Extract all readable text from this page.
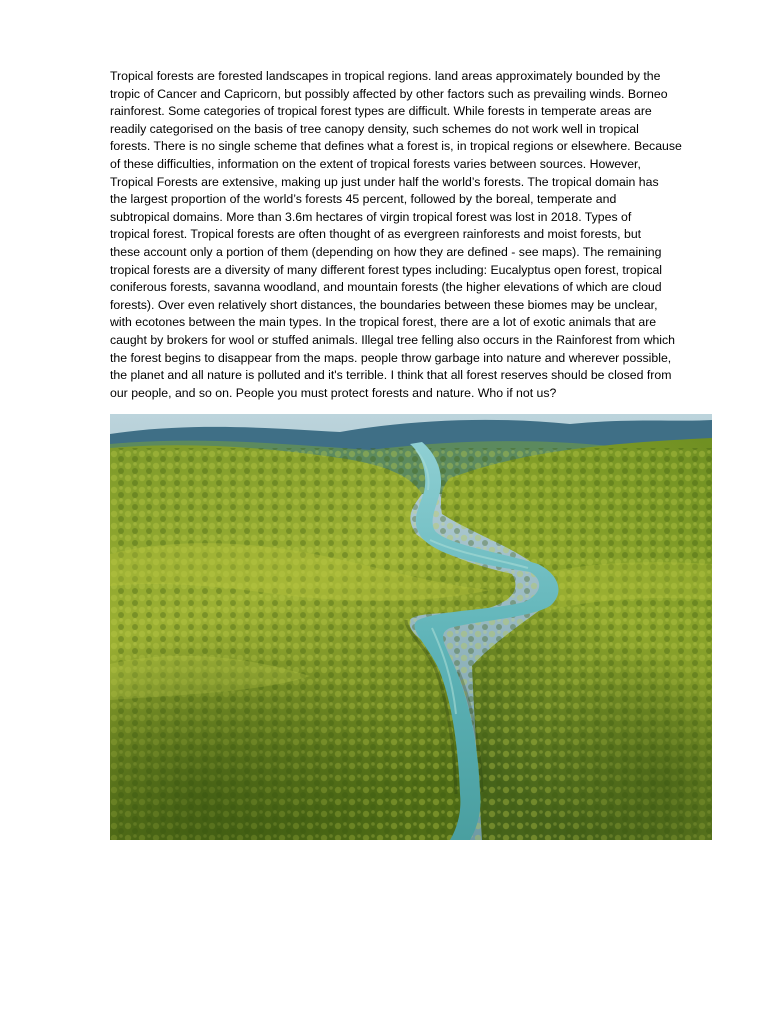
Tropical forests are forested landscapes in tropical regions. land areas approximately bounded by the
tropic of Cancer and Capricorn, but possibly affected by other factors such as prevailing winds. Borneo
rainforest. Some categories of tropical forest types are difficult. While forests in temperate areas are
readily categorised on the basis of tree canopy density, such schemes do not work well in tropical
forests. There is no single scheme that defines what a forest is, in tropical regions or elsewhere. Because
of these difficulties, information on the extent of tropical forests varies between sources. However,
Tropical Forests are extensive, making up just under half the world’s forests. The tropical domain has
the largest proportion of the world’s forests 45 percent, followed by the boreal, temperate and
subtropical domains. More than 3.6m hectares of virgin tropical forest was lost in 2018. Types of
tropical forest. Tropical forests are often thought of as evergreen rainforests and moist forests, but
these account only a portion of them (depending on how they are defined - see maps). The remaining
tropical forests are a diversity of many different forest types including: Eucalyptus open forest, tropical
coniferous forests, savanna woodland, and mountain forests (the higher elevations of which are cloud
forests). Over even relatively short distances, the boundaries between these biomes may be unclear,
with ecotones between the main types. In the tropical forest, there are a lot of exotic animals that are
caught by brokers for wool or stuffed animals. Illegal tree felling also occurs in the Rainforest from which
the forest begins to disappear from the maps. people throw garbage into nature and wherever possible,
the planet and all nature is polluted and it's terrible. I think that all forest reserves should be closed from
our people, and so on. People you must protect forests and nature. Who if not us?
